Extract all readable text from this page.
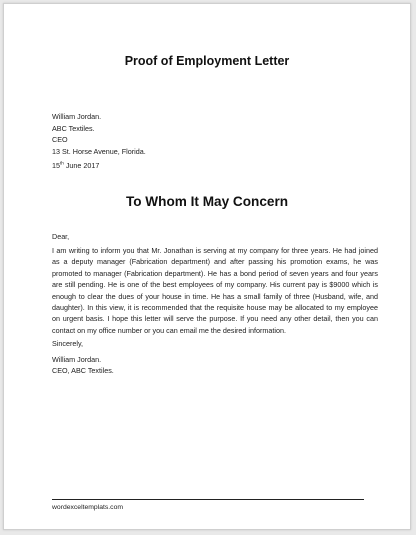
Proof of Employment Letter
William Jordan.
ABC Textiles.
CEO
13 St. Horse Avenue, Florida.
15th June 2017
To Whom It May Concern
Dear,
I am writing to inform you that Mr. Jonathan is serving at my company for three years. He had joined as a deputy manager (Fabrication department) and after passing his promotion exams, he was promoted to manager (Fabrication department). He has a bond period of seven years and four years are still pending. He is one of the best employees of my company. His current pay is $9000 which is enough to clear the dues of your house in time. He has a small family of three (Husband, wife, and daughter). In this view, it is recommended that the requisite house may be allocated to my employee on urgent basis. I hope this letter will serve the purpose. If you need any other detail, then you can contact on my office number or you can email me the desired information.
Sincerely,
William Jordan.
CEO, ABC Textiles.
wordexceltemplats.com
